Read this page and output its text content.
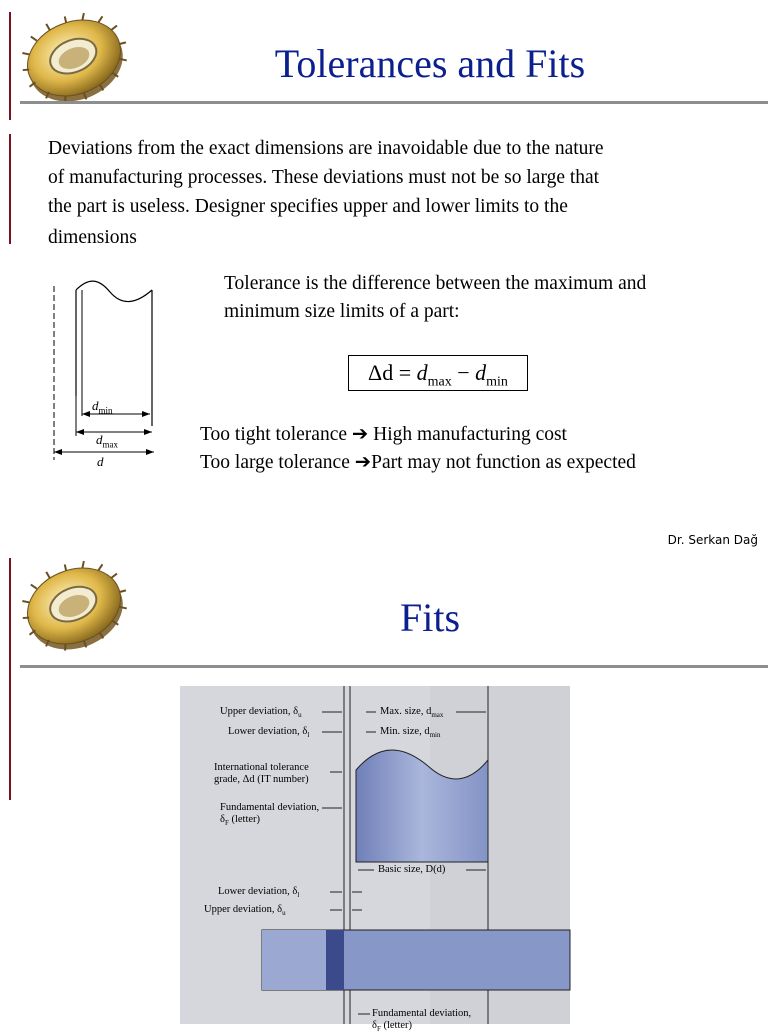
Tolerances and Fits
Deviations from the exact dimensions are inavoidable due to the nature
of manufacturing processes. These deviations must not be so large that
the part is useless. Designer specifies upper and lower limits to the
dimensions
$d_{min}$
$d_{max}$
d
Tolerance is the difference between the maximum and
minimum size limits of a part:
$\Delta d = d_{max} - d_{min}$
Too tight tolerance ➔ High manufacturing cost
Too large tolerance ➔Part may not function as expected
Dr. Serkan Dağ
Fits
Upper deviation, $\delta_u$
Lower deviation, $\delta_l$
International tolerance
grade, Δd (IT number)
Fundamental deviation,
$\delta_F$ (letter)
Max. size, $d_{max}$
Min. size, $d_{min}$
Basic size, D(d)
Lower deviation, $\delta_l$
Upper deviation, $\delta_u$
Fundamental deviation,
$\delta_F$ (letter)
